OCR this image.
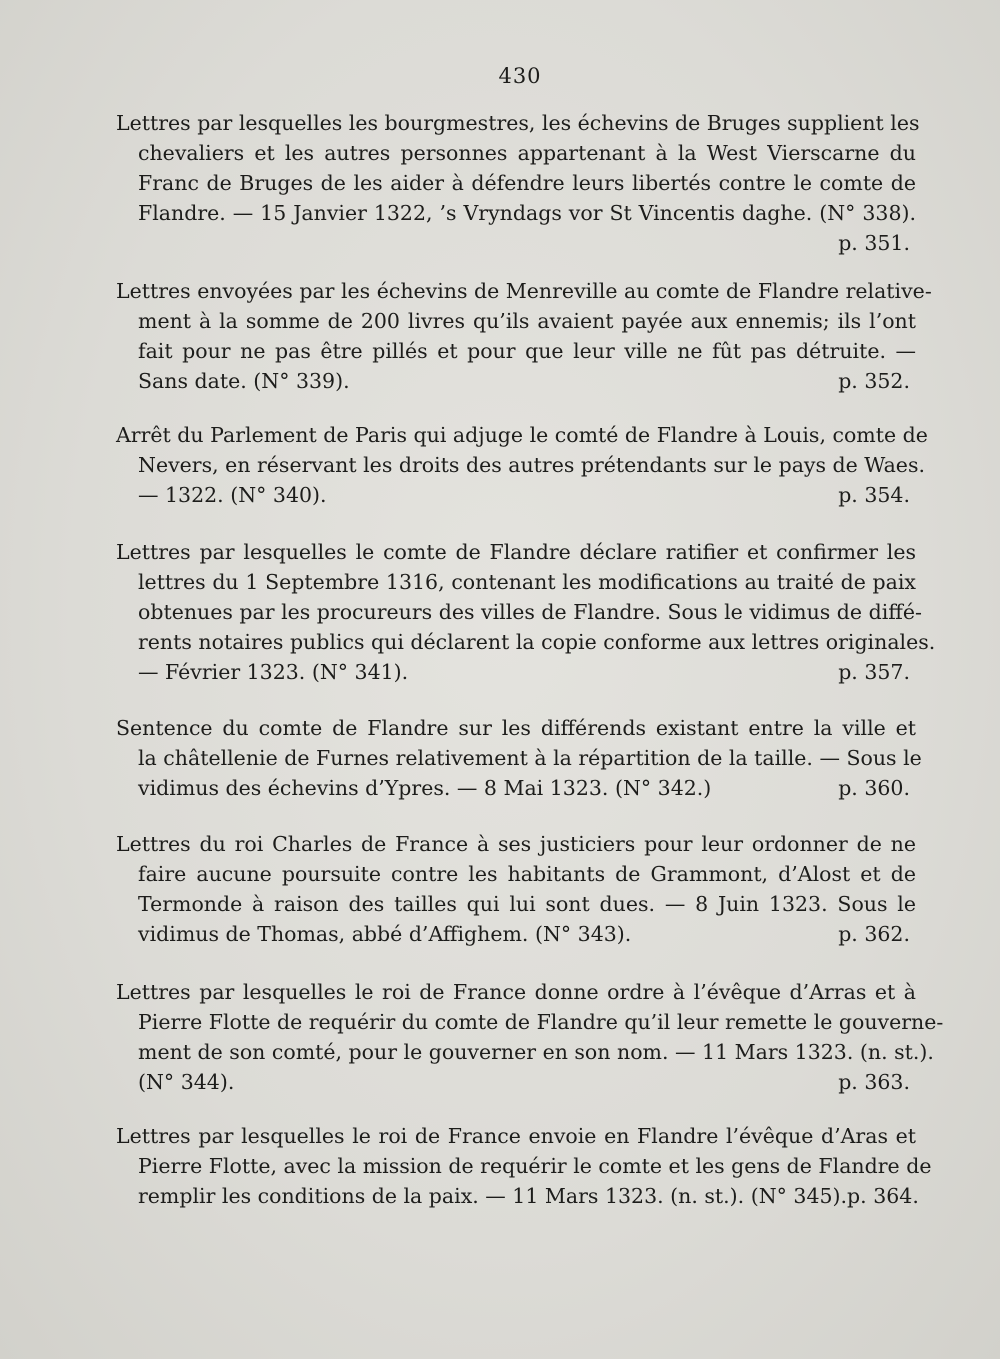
430
Lettres par lesquelles les bourgmestres, les échevins de Bruges supplient les
chevaliers et les autres personnes appartenant à la West Vierscarne du
Franc de Bruges de les aider à défendre leurs libertés contre le comte de
Flandre. — 15 Janvier 1322, ’s Vryndags vor St Vincentis daghe. (N° 338).
p. 351.
Lettres envoyées par les échevins de Menreville au comte de Flandre relative-
ment à la somme de 200 livres qu’ils avaient payée aux ennemis; ils l’ont
fait pour ne pas être pillés et pour que leur ville ne fût pas détruite. —
Sans date. (N° 339).	p. 352.
Arrêt du Parlement de Paris qui adjuge le comté de Flandre à Louis, comte de
Nevers, en réservant les droits des autres prétendants sur le pays de Waes.
— 1322. (N° 340).	p. 354.
Lettres par lesquelles le comte de Flandre déclare ratifier et confirmer les
lettres du 1 Septembre 1316, contenant les modifications au traité de paix
obtenues par les procureurs des villes de Flandre. Sous le vidimus de diffé-
rents notaires publics qui déclarent la copie conforme aux lettres originales.
— Février 1323. (N° 341).	p. 357.
Sentence du comte de Flandre sur les différends existant entre la ville et
la châtellenie de Furnes relativement à la répartition de la taille. — Sous le
vidimus des échevins d’Ypres. — 8 Mai 1323. (N° 342.)	p. 360.
Lettres du roi Charles de France à ses justiciers pour leur ordonner de ne
faire aucune poursuite contre les habitants de Grammont, d’Alost et de
Termonde à raison des tailles qui lui sont dues. — 8 Juin 1323. Sous le
vidimus de Thomas, abbé d’Affighem. (N° 343).	p. 362.
Lettres par lesquelles le roi de France donne ordre à l’évêque d’Arras et à
Pierre Flotte de requérir du comte de Flandre qu’il leur remette le gouverne-
ment de son comté, pour le gouverner en son nom. — 11 Mars 1323. (n. st.).
(N° 344).	p. 363.
Lettres par lesquelles le roi de France envoie en Flandre l’évêque d’Aras et
Pierre Flotte, avec la mission de requérir le comte et les gens de Flandre de
remplir les conditions de la paix. — 11 Mars 1323. (n. st.). (N° 345). p. 364.
